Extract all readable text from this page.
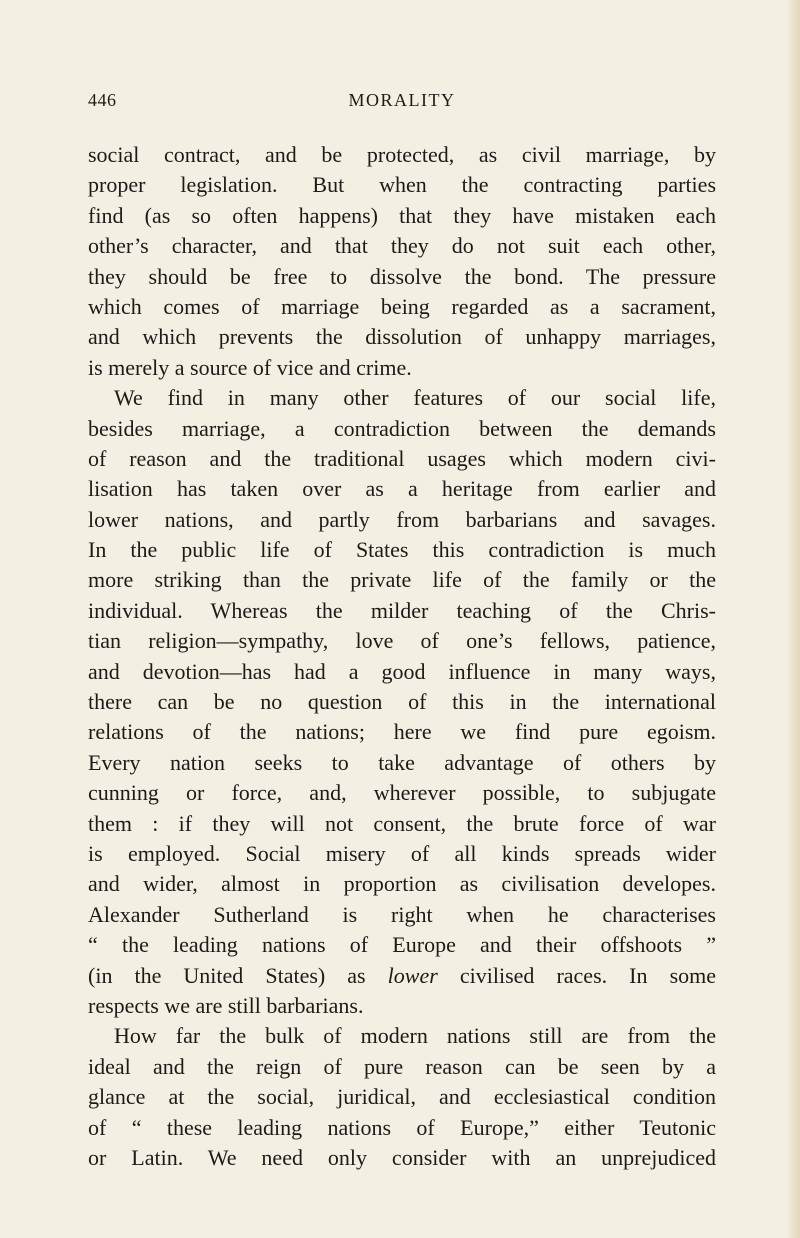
446	MORALITY
social contract, and be protected, as civil marriage, by
proper legislation. But when the contracting parties
find (as so often happens) that they have mistaken each
other’s character, and that they do not suit each other,
they should be free to dissolve the bond. The pressure
which comes of marriage being regarded as a sacrament,
and which prevents the dissolution of unhappy marriages,
is merely a source of vice and crime.
We find in many other features of our social life,
besides marriage, a contradiction between the demands
of reason and the traditional usages which modern civi-
lisation has taken over as a heritage from earlier and
lower nations, and partly from barbarians and savages.
In the public life of States this contradiction is much
more striking than the private life of the family or the
individual. Whereas the milder teaching of the Chris-
tian religion—sympathy, love of one’s fellows, patience,
and devotion—has had a good influence in many ways,
there can be no question of this in the international
relations of the nations; here we find pure egoism.
Every nation seeks to take advantage of others by
cunning or force, and, wherever possible, to subjugate
them : if they will not consent, the brute force of war
is employed. Social misery of all kinds spreads wider
and wider, almost in proportion as civilisation developes.
Alexander Sutherland is right when he characterises
“ the leading nations of Europe and their offshoots ”
(in the United States) as lower civilised races. In some
respects we are still barbarians.
How far the bulk of modern nations still are from the
ideal and the reign of pure reason can be seen by a
glance at the social, juridical, and ecclesiastical condition
of “ these leading nations of Europe,” either Teutonic
or Latin. We need only consider with an unprejudiced
